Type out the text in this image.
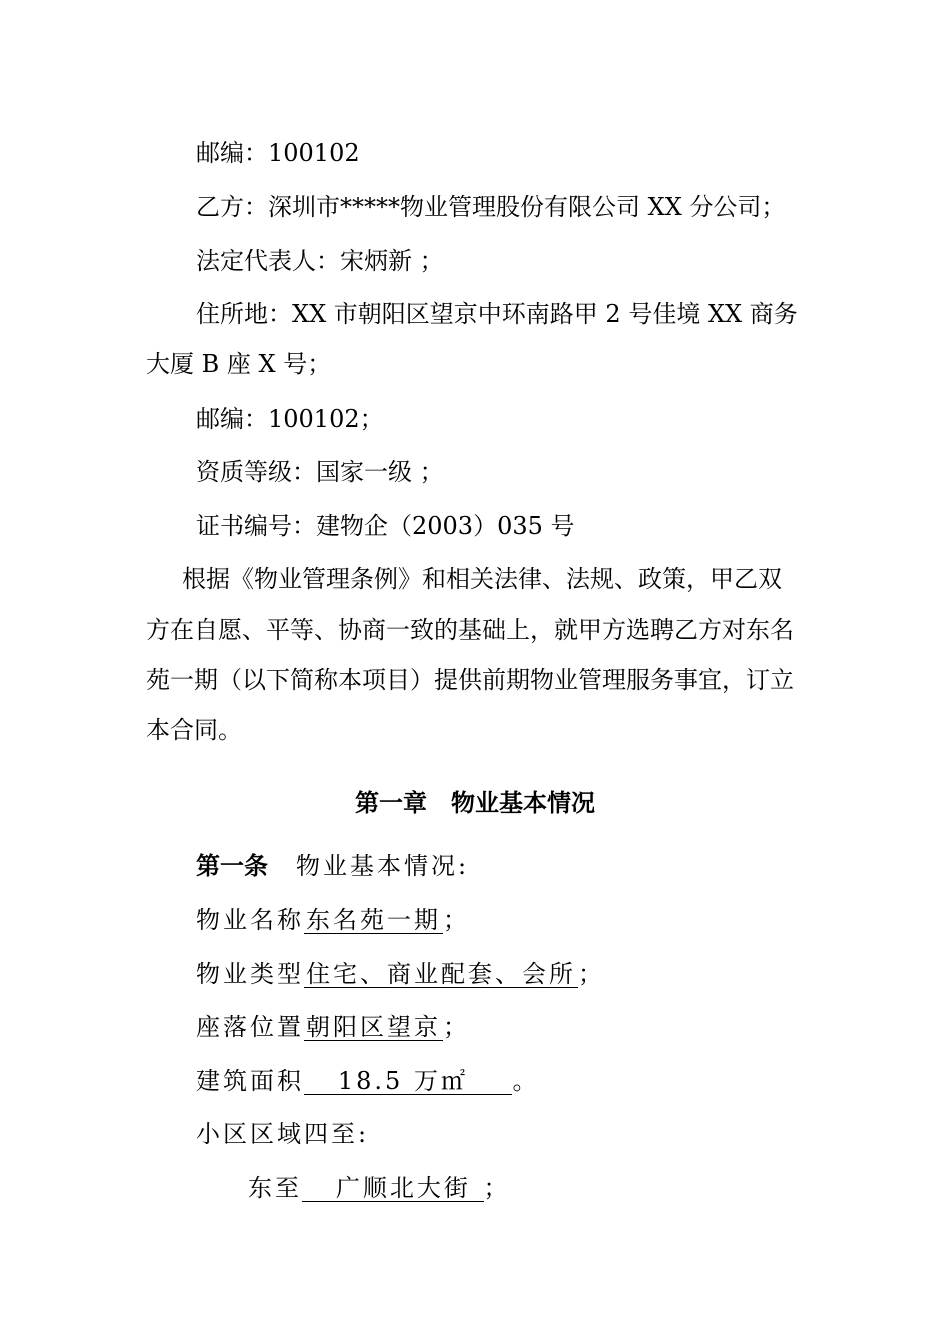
邮编：100102
乙方：深圳市*****物业管理股份有限公司 XX 分公司；
法定代表人：宋炳新 ；
住所地：XX 市朝阳区望京中环南路甲 2 号佳境 XX 商务
大厦 B 座 X 号；
邮编：100102；
资质等级：国家一级 ；
证书编号：建物企（2003）035 号
根据《物业管理条例》和相关法律、法规、政策，甲乙双
方在自愿、平等、协商一致的基础上，就甲方选聘乙方对东名
苑一期（以下简称本项目）提供前期物业管理服务事宜，订立
本合同。
第一章　物业基本情况
第一条 物业基本情况:
物业名称东名苑一期；
物业类型住宅、商业配套、会所；
座落位置朝阳区望京；
建筑面积   18.5 万㎡    。
小区区域四至:
东至   广顺北大街 ；
